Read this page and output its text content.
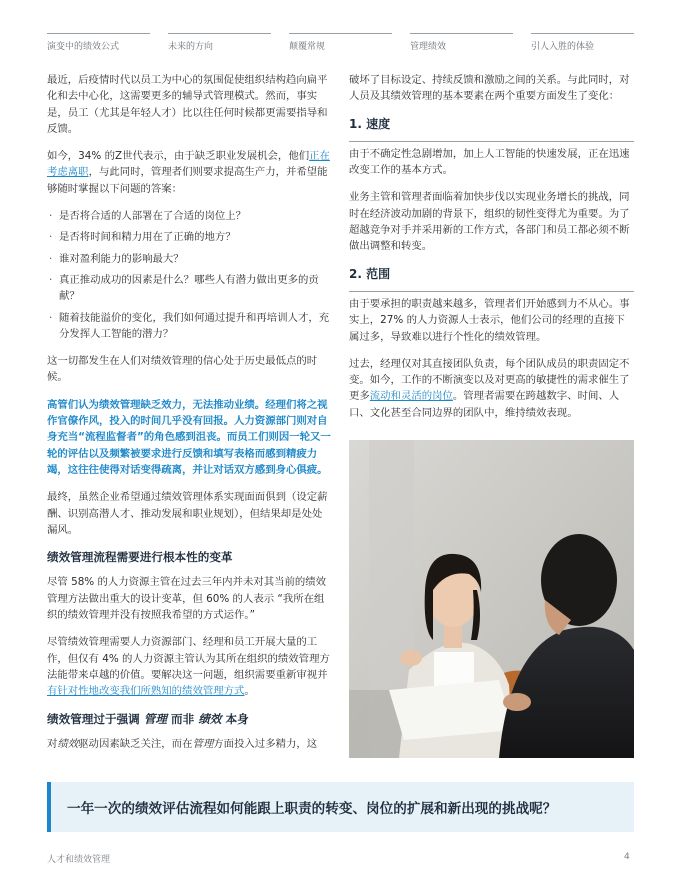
演变中的绩效公式	未来的方向	颠覆常规	管理绩效	引人入胜的体验

最近，后疫情时代以员工为中心的氛围促使组织结构趋向扁平化和去中心化，这需要更多的辅导式管理模式。然而，事实是，员工（尤其是年轻人才）比以往任何时候都更需要指导和反馈。

如今，34% 的Z世代表示，由于缺乏职业发展机会，他们正在考虑离职，与此同时，管理者们则要求提高生产力，并希望能够随时掌握以下问题的答案：

· 是否将合适的人部署在了合适的岗位上？
· 是否将时间和精力用在了正确的地方？
· 谁对盈利能力的影响最大？
· 真正推动成功的因素是什么？哪些人有潜力做出更多的贡献？
· 随着技能溢价的变化，我们如何通过提升和再培训人才，充分发挥人工智能的潜力？

这一切都发生在人们对绩效管理的信心处于历史最低点的时候。

高管们认为绩效管理缺乏效力，无法推动业绩。经理们将之视作官僚作风，投入的时间几乎没有回报。人力资源部门则对自身充当“流程监督者”的角色感到沮丧。而员工们则因一轮又一轮的评估以及频繁被要求进行反馈和填写表格而感到精疲力竭，这往往使得对话变得疏离，并让对话双方感到身心俱疲。

最终，虽然企业希望通过绩效管理体系实现面面俱到（设定薪酬、识别高潜人才、推动发展和职业规划），但结果却是处处漏风。

绩效管理流程需要进行根本性的变革

尽管 58% 的人力资源主管在过去三年内并未对其当前的绩效管理方法做出重大的设计变革，但 60% 的人表示 “我所在组织的绩效管理并没有按照我希望的方式运作。”

尽管绩效管理需要人力资源部门、经理和员工开展大量的工作，但仅有 4% 的人力资源主管认为其所在组织的绩效管理方法能带来卓越的价值。要解决这一问题，组织需要重新审视并有针对性地改变我们所熟知的绩效管理方式。

绩效管理过于强调 管理 而非 绩效 本身

对绩效驱动因素缺乏关注，而在管理方面投入过多精力，这

破坏了目标设定、持续反馈和激励之间的关系。与此同时，对人员及其绩效管理的基本要素在两个重要方面发生了变化：

1. 速度

由于不确定性急剧增加，加上人工智能的快速发展，正在迅速改变工作的基本方式。

业务主管和管理者面临着加快步伐以实现业务增长的挑战，同时在经济波动加剧的背景下，组织的韧性变得尤为重要。为了超越竞争对手并采用新的工作方式，各部门和员工都必须不断做出调整和转变。

2. 范围

由于要承担的职责越来越多，管理者们开始感到力不从心。事实上，27% 的人力资源人士表示，他们公司的经理的直接下属过多，导致难以进行个性化的绩效管理。

过去，经理仅对其直接团队负责，每个团队成员的职责固定不变。如今，工作的不断演变以及对更高的敏捷性的需求催生了更多流动和灵活的岗位。管理者需要在跨越数字、时间、人口、文化甚至合同边界的团队中，维持绩效表现。

一年一次的绩效评估流程如何能跟上职责的转变、岗位的扩展和新出现的挑战呢？
人才和绩效管理	4
